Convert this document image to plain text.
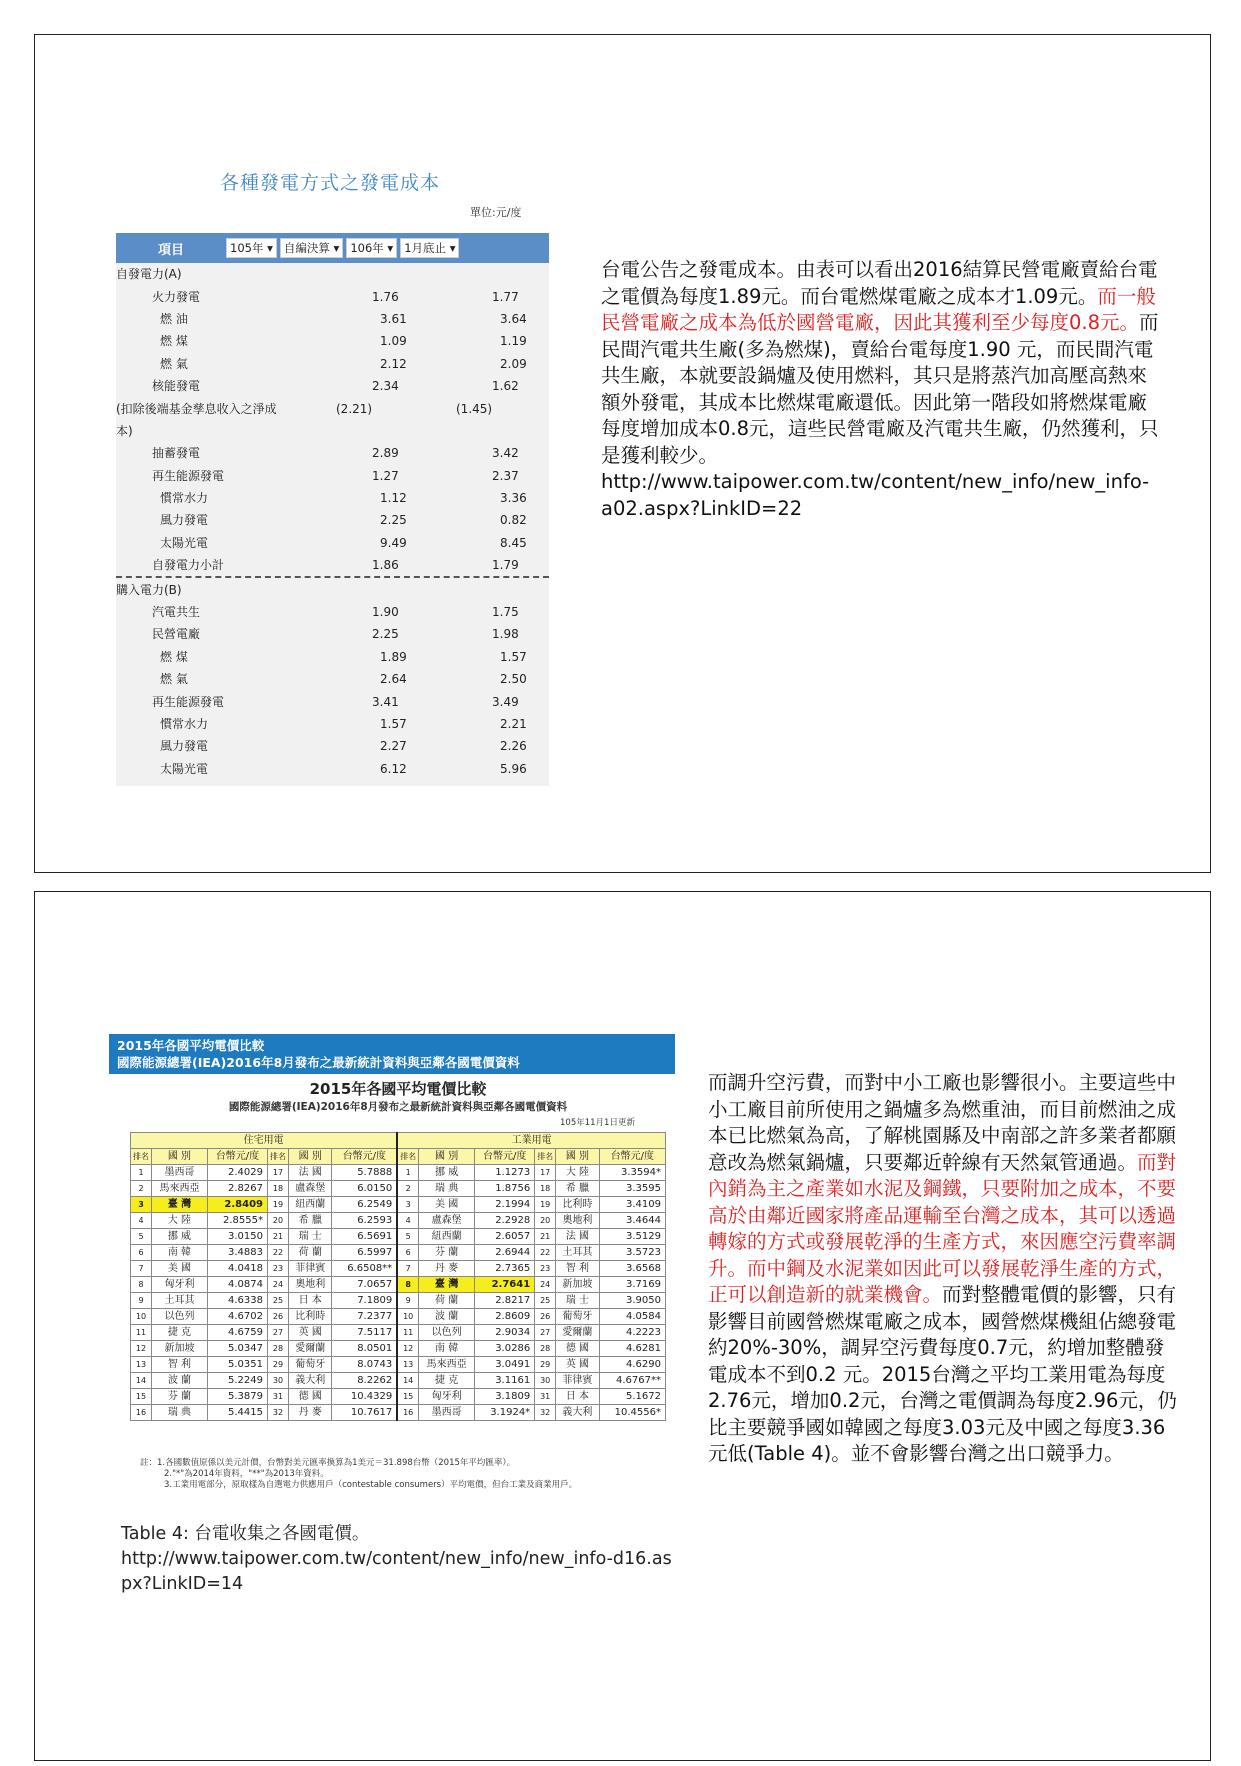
各種發電方式之發電成本
單位:元/度
項目	105年 ▾ 自編決算 ▾ 106年 ▾ 1月底止 ▾
自發電力(A)
火力發電	1.76	1.77
燃 油	3.61	3.64
燃 煤	1.09	1.19
燃 氣	2.12	2.09
核能發電	2.34	1.62
(扣除後端基金孳息收入之淨成	(2.21)	(1.45)
本)
抽蓄發電	2.89	3.42
再生能源發電	1.27	2.37
慣常水力	1.12	3.36
風力發電	2.25	0.82
太陽光電	9.49	8.45
自發電力小計	1.86	1.79
購入電力(B)
汽電共生	1.90	1.75
民營電廠	2.25	1.98
燃 煤	1.89	1.57
燃 氣	2.64	2.50
再生能源發電	3.41	3.49
慣常水力	1.57	2.21
風力發電	2.27	2.26
太陽光電	6.12	5.96
台電公告之發電成本。由表可以看出2016結算民營電廠賣給台電之電價為每度1.89元。而台電燃煤電廠之成本才1.09元。而一般民營電廠之成本為低於國營電廠，因此其獲利至少每度0.8元。而民間汽電共生廠(多為燃煤)，賣給台電每度1.90 元，而民間汽電共生廠，本就要設鍋爐及使用燃料，其只是將蒸汽加高壓高熱來額外發電，其成本比燃煤電廠還低。因此第一階段如將燃煤電廠每度增加成本0.8元，這些民營電廠及汽電共生廠，仍然獲利，只是獲利較少。
http://www.taipower.com.tw/content/new_info/new_info-a02.aspx?LinkID=22
2015年各國平均電價比較
國際能源總署(IEA)2016年8月發布之最新統計資料與亞鄰各國電價資料
2015年各國平均電價比較
國際能源總署(IEA)2016年8月發布之最新統計資料與亞鄰各國電價資料
105年11月1日更新
住宅用電						工業用電					
排名	國 別	台幣元/度	排名	國 別	台幣元/度	排名	國 別	台幣元/度	排名	國 別	台幣元/度
1	墨西哥	2.4029	17	法 國	5.7888	1	挪 威	1.1273	17	大 陸	3.3594*
2	馬來西亞	2.8267	18	盧森堡	6.0150	2	瑞 典	1.8756	18	希 臘	3.3595
3	臺 灣	2.8409	19	紐西蘭	6.2549	3	美 國	2.1994	19	比利時	3.4109
4	大 陸	2.8555*	20	希 臘	6.2593	4	盧森堡	2.2928	20	奧地利	3.4644
5	挪 威	3.0150	21	瑞 士	6.5691	5	紐西蘭	2.6057	21	法 國	3.5129
6	南 韓	3.4883	22	荷 蘭	6.5997	6	芬 蘭	2.6944	22	土耳其	3.5723
7	美 國	4.0418	23	菲律賓	6.6508**	7	丹 麥	2.7365	23	智 利	3.6568
8	匈牙利	4.0874	24	奧地利	7.0657	8	臺 灣	2.7641	24	新加坡	3.7169
9	土耳其	4.6338	25	日 本	7.1809	9	荷 蘭	2.8217	25	瑞 士	3.9050
10	以色列	4.6702	26	比利時	7.2377	10	波 蘭	2.8609	26	葡萄牙	4.0584
11	捷 克	4.6759	27	英 國	7.5117	11	以色列	2.9034	27	愛爾蘭	4.2223
12	新加坡	5.0347	28	愛爾蘭	8.0501	12	南 韓	3.0286	28	德 國	4.6281
13	智 利	5.0351	29	葡萄牙	8.0743	13	馬來西亞	3.0491	29	英 國	4.6290
14	波 蘭	5.2249	30	義大利	8.2262	14	捷 克	3.1161	30	菲律賓	4.6767**
15	芬 蘭	5.3879	31	德 國	10.4329	15	匈牙利	3.1809	31	日 本	5.1672
16	瑞 典	5.4415	32	丹 麥	10.7617	16	墨西哥	3.1924*	32	義大利	10.4556*
註：1.各國數值原係以美元計價，台幣對美元匯率換算為1美元＝31.898台幣（2015年平均匯率）。
2."*"為2014年資料，"**"為2013年資料。
3.工業用電部分，原取樣為自選電力供應用戶（contestable consumers）平均電價，但台工業及商業用戶。
Table 4: 台電收集之各國電價。
http://www.taipower.com.tw/content/new_info/new_info-d16.aspx?LinkID=14
而調升空污費，而對中小工廠也影響很小。主要這些中小工廠目前所使用之鍋爐多為燃重油，而目前燃油之成本已比燃氣為高，了解桃園縣及中南部之許多業者都願意改為燃氣鍋爐，只要鄰近幹線有天然氣管通過。而對內銷為主之產業如水泥及鋼鐵，只要附加之成本，不要高於由鄰近國家將產品運輸至台灣之成本，其可以透過轉嫁的方式或發展乾淨的生產方式，來因應空污費率調升。而中鋼及水泥業如因此可以發展乾淨生產的方式，正可以創造新的就業機會。而對整體電價的影響，只有影響目前國營燃煤電廠之成本，國營燃煤機組佔總發電約20%-30%，調昇空污費每度0.7元，約增加整體發電成本不到0.2 元。2015台灣之平均工業用電為每度2.76元，增加0.2元，台灣之電價調為每度2.96元，仍比主要競爭國如韓國之每度3.03元及中國之每度3.36元低(Table 4)。並不會影響台灣之出口競爭力。
